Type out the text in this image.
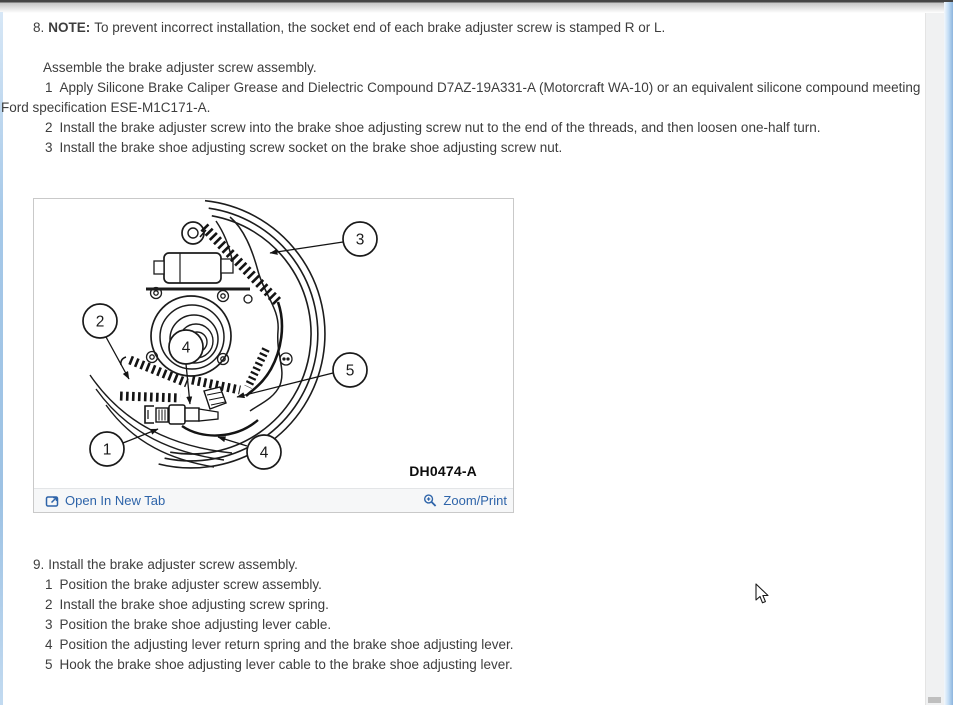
8. NOTE: To prevent incorrect installation, the socket end of each brake adjuster screw is stamped R or L.

Assemble the brake adjuster screw assembly.

1 Apply Silicone Brake Caliper Grease and Dielectric Compound D7AZ-19A331-A (Motorcraft WA-10) or an equivalent silicone compound meeting Ford specification ESE-M1C171-A.

2 Install the brake adjuster screw into the brake shoe adjusting screw nut to the end of the threads, and then loosen one-half turn.

3 Install the brake shoe adjusting screw socket on the brake shoe adjusting screw nut.

3
2
4
5
1	4
DH0474-A
Open In New Tab	Zoom/Print

9. Install the brake adjuster screw assembly.

1 Position the brake adjuster screw assembly.

2 Install the brake shoe adjusting screw spring.

3 Position the brake shoe adjusting lever cable.

4 Position the adjusting lever return spring and the brake shoe adjusting lever.

5 Hook the brake shoe adjusting lever cable to the brake shoe adjusting lever.
